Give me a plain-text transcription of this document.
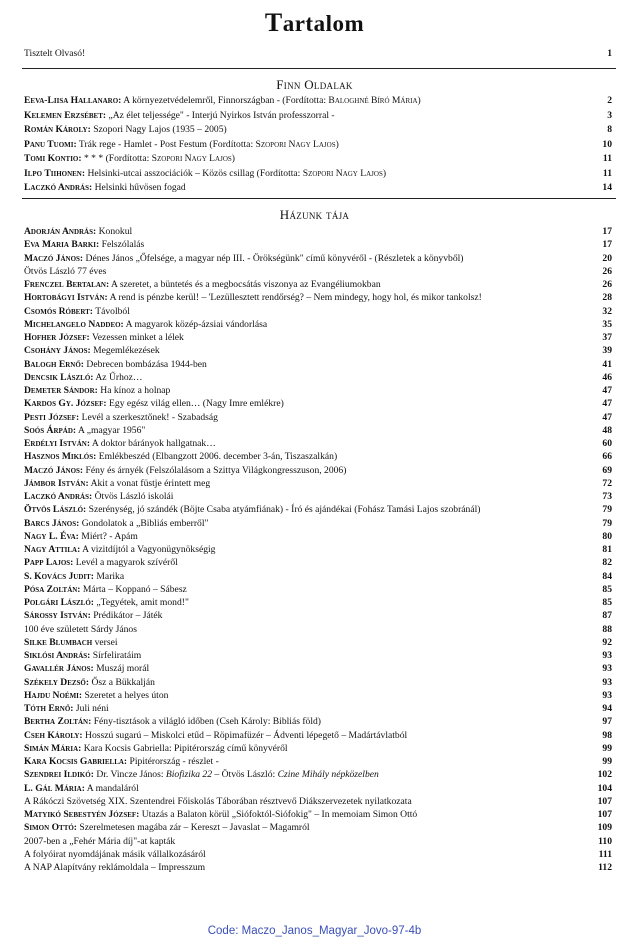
Tartalom
Tisztelt Olvasó!	1
Finn Oldalak
Eeva-Liisa Hallanaro: A környezetvédelemről, Finnországban - (Fordította: Baloghné Bíró Mária)	2
Kelemen Erzsébet: „Az élet teljessége" - Interjú Nyirkos István professzorral -	3
Román Károly: Szopori Nagy Lajos (1935 – 2005)	8
Panu Tuomi: Trák rege - Hamlet - Post Festum (Fordította: Szopori Nagy Lajos)	10
Tomi Kontio: * * * (Fordította: Szopori Nagy Lajos)	11
Ilpo Tiihonen: Helsinki-utcai asszociációk – Közös csillag (Fordította: Szopori Nagy Lajos)	11
Laczkó András: Helsinki hűvösen fogad	14
Házunk tája
Adorján András: Konokul	17
Eva Maria Barki: Felszólalás	17
Maczó János: Dénes János „Őfelsége, a magyar nép III. - Örökségünk" című könyvéről - (Részletek a könyvből)	20
Ötvös László 77 éves	26
Frenczel Bertalan: A szeretet, a büntetés és a megbocsátás viszonya az Evangéliumokban	26
Hortobágyi István: A rend is pénzbe kerül! – 'Lezüllesztett rendőrség? – Nem mindegy, hogy hol, és mikor tankolsz!	28
Csomós Róbert: Távolból	32
Michelangelo Naddeo: A magyarok közép-ázsiai vándorlása	35
Hofher József: Vezessen minket a lélek	37
Csohány János: Megemlékezések	39
Balogh Ernő: Debrecen bombázása 1944-ben	41
Dencsik László: Az Űrhoz…	46
Demeter Sándor: Ha kínoz a holnap	47
Kardos Gy. József: Egy egész világ ellen… (Nagy Imre emlékre)	47
Pesti József: Levél a szerkesztőnek! - Szabadság	47
Soós Árpád: A „magyar 1956"	48
Erdélyi István: A doktor bárányok hallgatnak…	60
Hasznos Miklós: Emlékbeszéd (Elbangzott 2006. december 3-án, Tiszaszalkán)	66
Maczó János: Fény és árnyék (Felszólalásom a Szittya Világkongresszuson, 2006)	69
Jámbor István: Akit a vonat füstje érintett meg	72
Laczkó András: Ötvös László iskolái	73
Ötvös László: Szerénység, jó szándék (Böjte Csaba atyámfiának) - Író és ajándékai (Fohász Tamási Lajos szobránál)	79
Barcs János: Gondolatok a „Bibliás emberről"	79
Nagy L. Éva: Miért? - Apám	80
Nagy Attila: A vizitdíjtól a Vagyonügynökségig	81
Papp Lajos: Levél a magyarok szívéről	82
S. Kovács Judit: Marika	84
Pósa Zoltán: Márta – Koppanó – Sábesz	85
Polgári László: „Tegyétek, amit mond!"	85
Sárossy István: Prédikátor – Játék	87
100 éve született Sárdy János	88
Silke Blumbach versei	92
Siklósi András: Sírfeliratáim	93
Gavallér János: Muszáj morál	93
Székely Dezső: Ősz a Bükkalján	93
Hajdu Noémi: Szeretet a helyes úton	93
Tóth Ernő: Juli néni	94
Bertha Zoltán: Fény-tisztások a világló időben (Cseh Károly: Bibliás föld)	97
Cseh Károly: Hosszú sugarú – Miskolci etűd – Röpimafüzér – Ádventi lépegető – Madártávlatból	98
Simán Mária: Kara Kocsis Gabriella: Pipitérország című könyvéről	99
Kara Kocsis Gabriella: Pipitérország - részlet -	99
Szendrei Ildikó: Dr. Vincze János: Biofizika 22 – Ötvös László: Czine Mihály népközelben	102
L. Gál Mária: A mandaláról	104
A Rákóczi Szövetség XIX. Szentendrei Főiskolás Táborában résztvevő Diákszervezetek nyilatkozata	107
Matyikó Sebestyén József: Utazás a Balaton körül „Siófoktól-Siófokig" – In memoiam Simon Ottó	107
Simon Ottó: Szerelmetesen magába zár – Kereszt – Javaslat – Magamról	109
2007-ben a „Fehér Mária díj"-at kapták	110
A folyóirat nyomdájának másik vállalkozásáról	111
A NAP Alapítvány reklámoldala – Impresszum	112
Code: Maczo_Janos_Magyar_Jovo-97-4b
